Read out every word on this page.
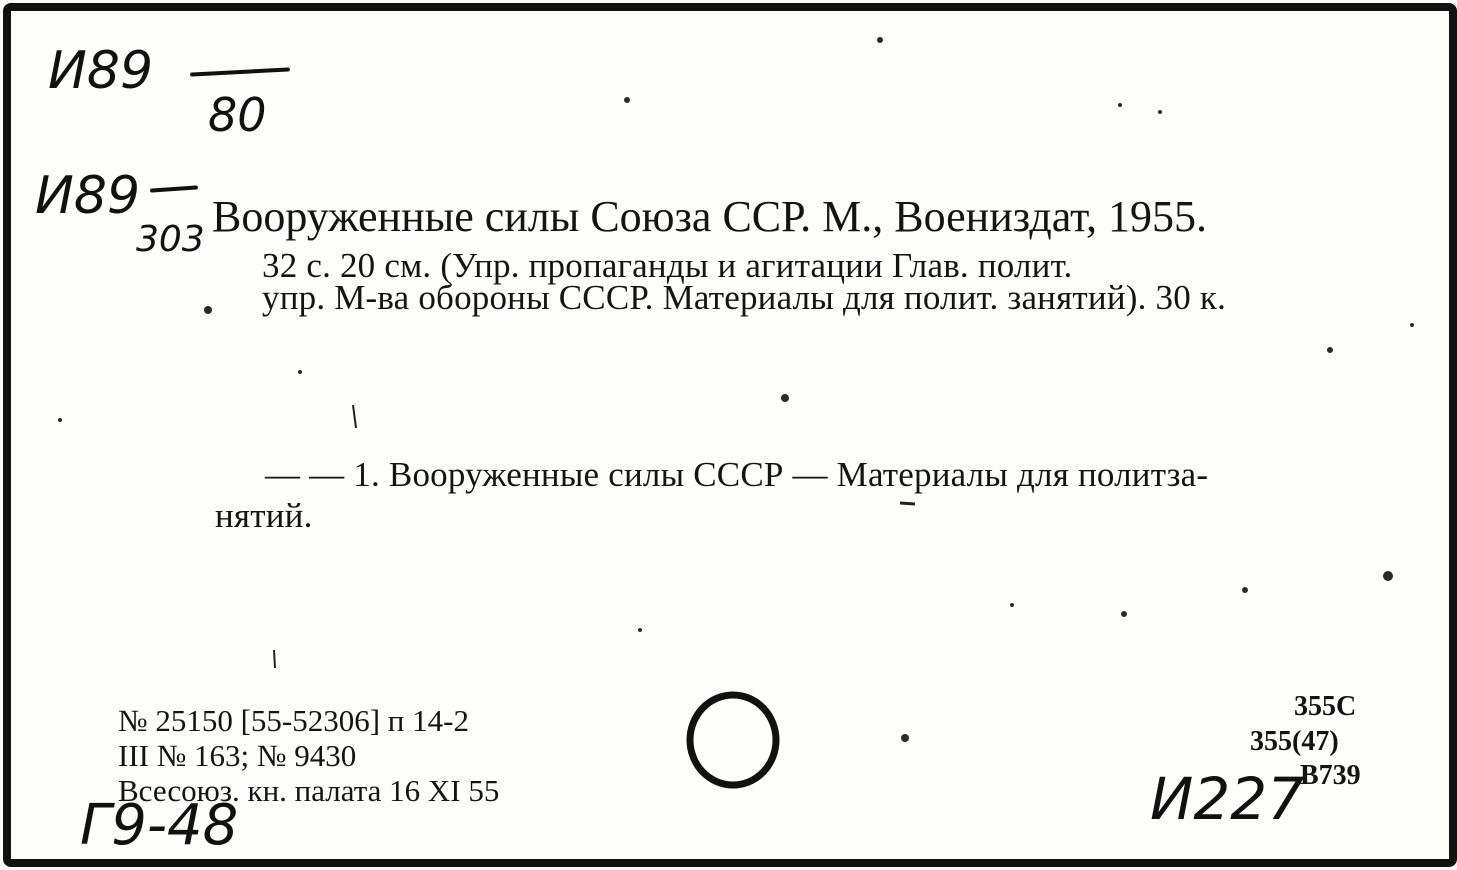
И89
80
И89
303 Вооруженные силы Союза ССР. М., Воениздат, 1955.
32 с. 20 см. (Упр. пропаганды и агитации Глав. полит.
упр. М-ва обороны СССР. Материалы для полит. занятий). 30 к.
— — 1. Вооруженные силы СССР — Материалы для политза-
нятий.
№ 25150 [55-52306] п 14-2
III № 163; № 9430
Всесоюз. кн. палата 16 XI 55
355С
355(47)
В739
И227
Г9-48
